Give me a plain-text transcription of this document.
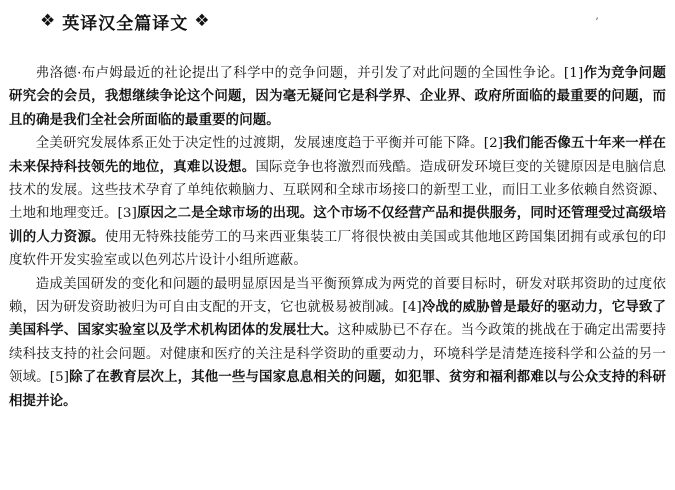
❖ 英译汉全篇译文 ❖	ʼ

弗洛德·布卢姆最近的社论提出了科学中的竞争问题，并引发了对此问题的全国性争论。[1]作为竞争问题研究会的会员，我想继续争论这个问题，因为毫无疑问它是科学界、企业界、政府所面临的最重要的问题，而且的确是我们全社会所面临的最重要的问题。

全美研究发展体系正处于决定性的过渡期，发展速度趋于平衡并可能下降。[2]我们能否像五十年来一样在未来保持科技领先的地位，真难以设想。国际竞争也将激烈而残酷。造成研发环境巨变的关键原因是电脑信息技术的发展。这些技术孕育了单纯依赖脑力、互联网和全球市场接口的新型工业，而旧工业多依赖自然资源、土地和地理变迁。[3]原因之二是全球市场的出现。这个市场不仅经营产品和提供服务，同时还管理受过高级培训的人力资源。使用无特殊技能劳工的马来西亚集装工厂将很快被由美国或其他地区跨国集团拥有或承包的印度软件开发实验室或以色列芯片设计小组所遮蔽。

造成美国研发的变化和问题的最明显原因是当平衡预算成为两党的首要目标时，研发对联邦资助的过度依赖，因为研发资助被归为可自由支配的开支，它也就极易被削减。[4]冷战的威胁曾是最好的驱动力，它导致了美国科学、国家实验室以及学术机构团体的发展壮大。这种威胁已不存在。当今政策的挑战在于确定出需要持续科技支持的社会问题。对健康和医疗的关注是科学资助的重要动力，环境科学是清楚连接科学和公益的另一领域。[5]除了在教育层次上，其他一些与国家息息相关的问题，如犯罪、贫穷和福利都难以与公众支持的科研相提并论。
